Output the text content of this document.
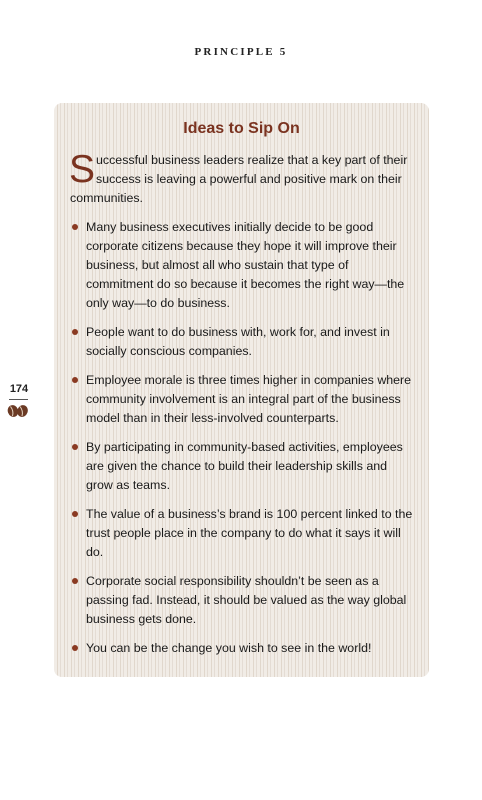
PRINCIPLE 5
174
Ideas to Sip On
Successful business leaders realize that a key part of their success is leaving a powerful and positive mark on their communities.
Many business executives initially decide to be good corporate citizens because they hope it will improve their business, but almost all who sustain that type of commitment do so because it becomes the right way—the only way—to do business.
People want to do business with, work for, and invest in socially conscious companies.
Employee morale is three times higher in companies where community involvement is an integral part of the business model than in their less-involved counterparts.
By participating in community-based activities, employees are given the chance to build their leadership skills and grow as teams.
The value of a business’s brand is 100 percent linked to the trust people place in the company to do what it says it will do.
Corporate social responsibility shouldn’t be seen as a passing fad. Instead, it should be valued as the way global business gets done.
You can be the change you wish to see in the world!
